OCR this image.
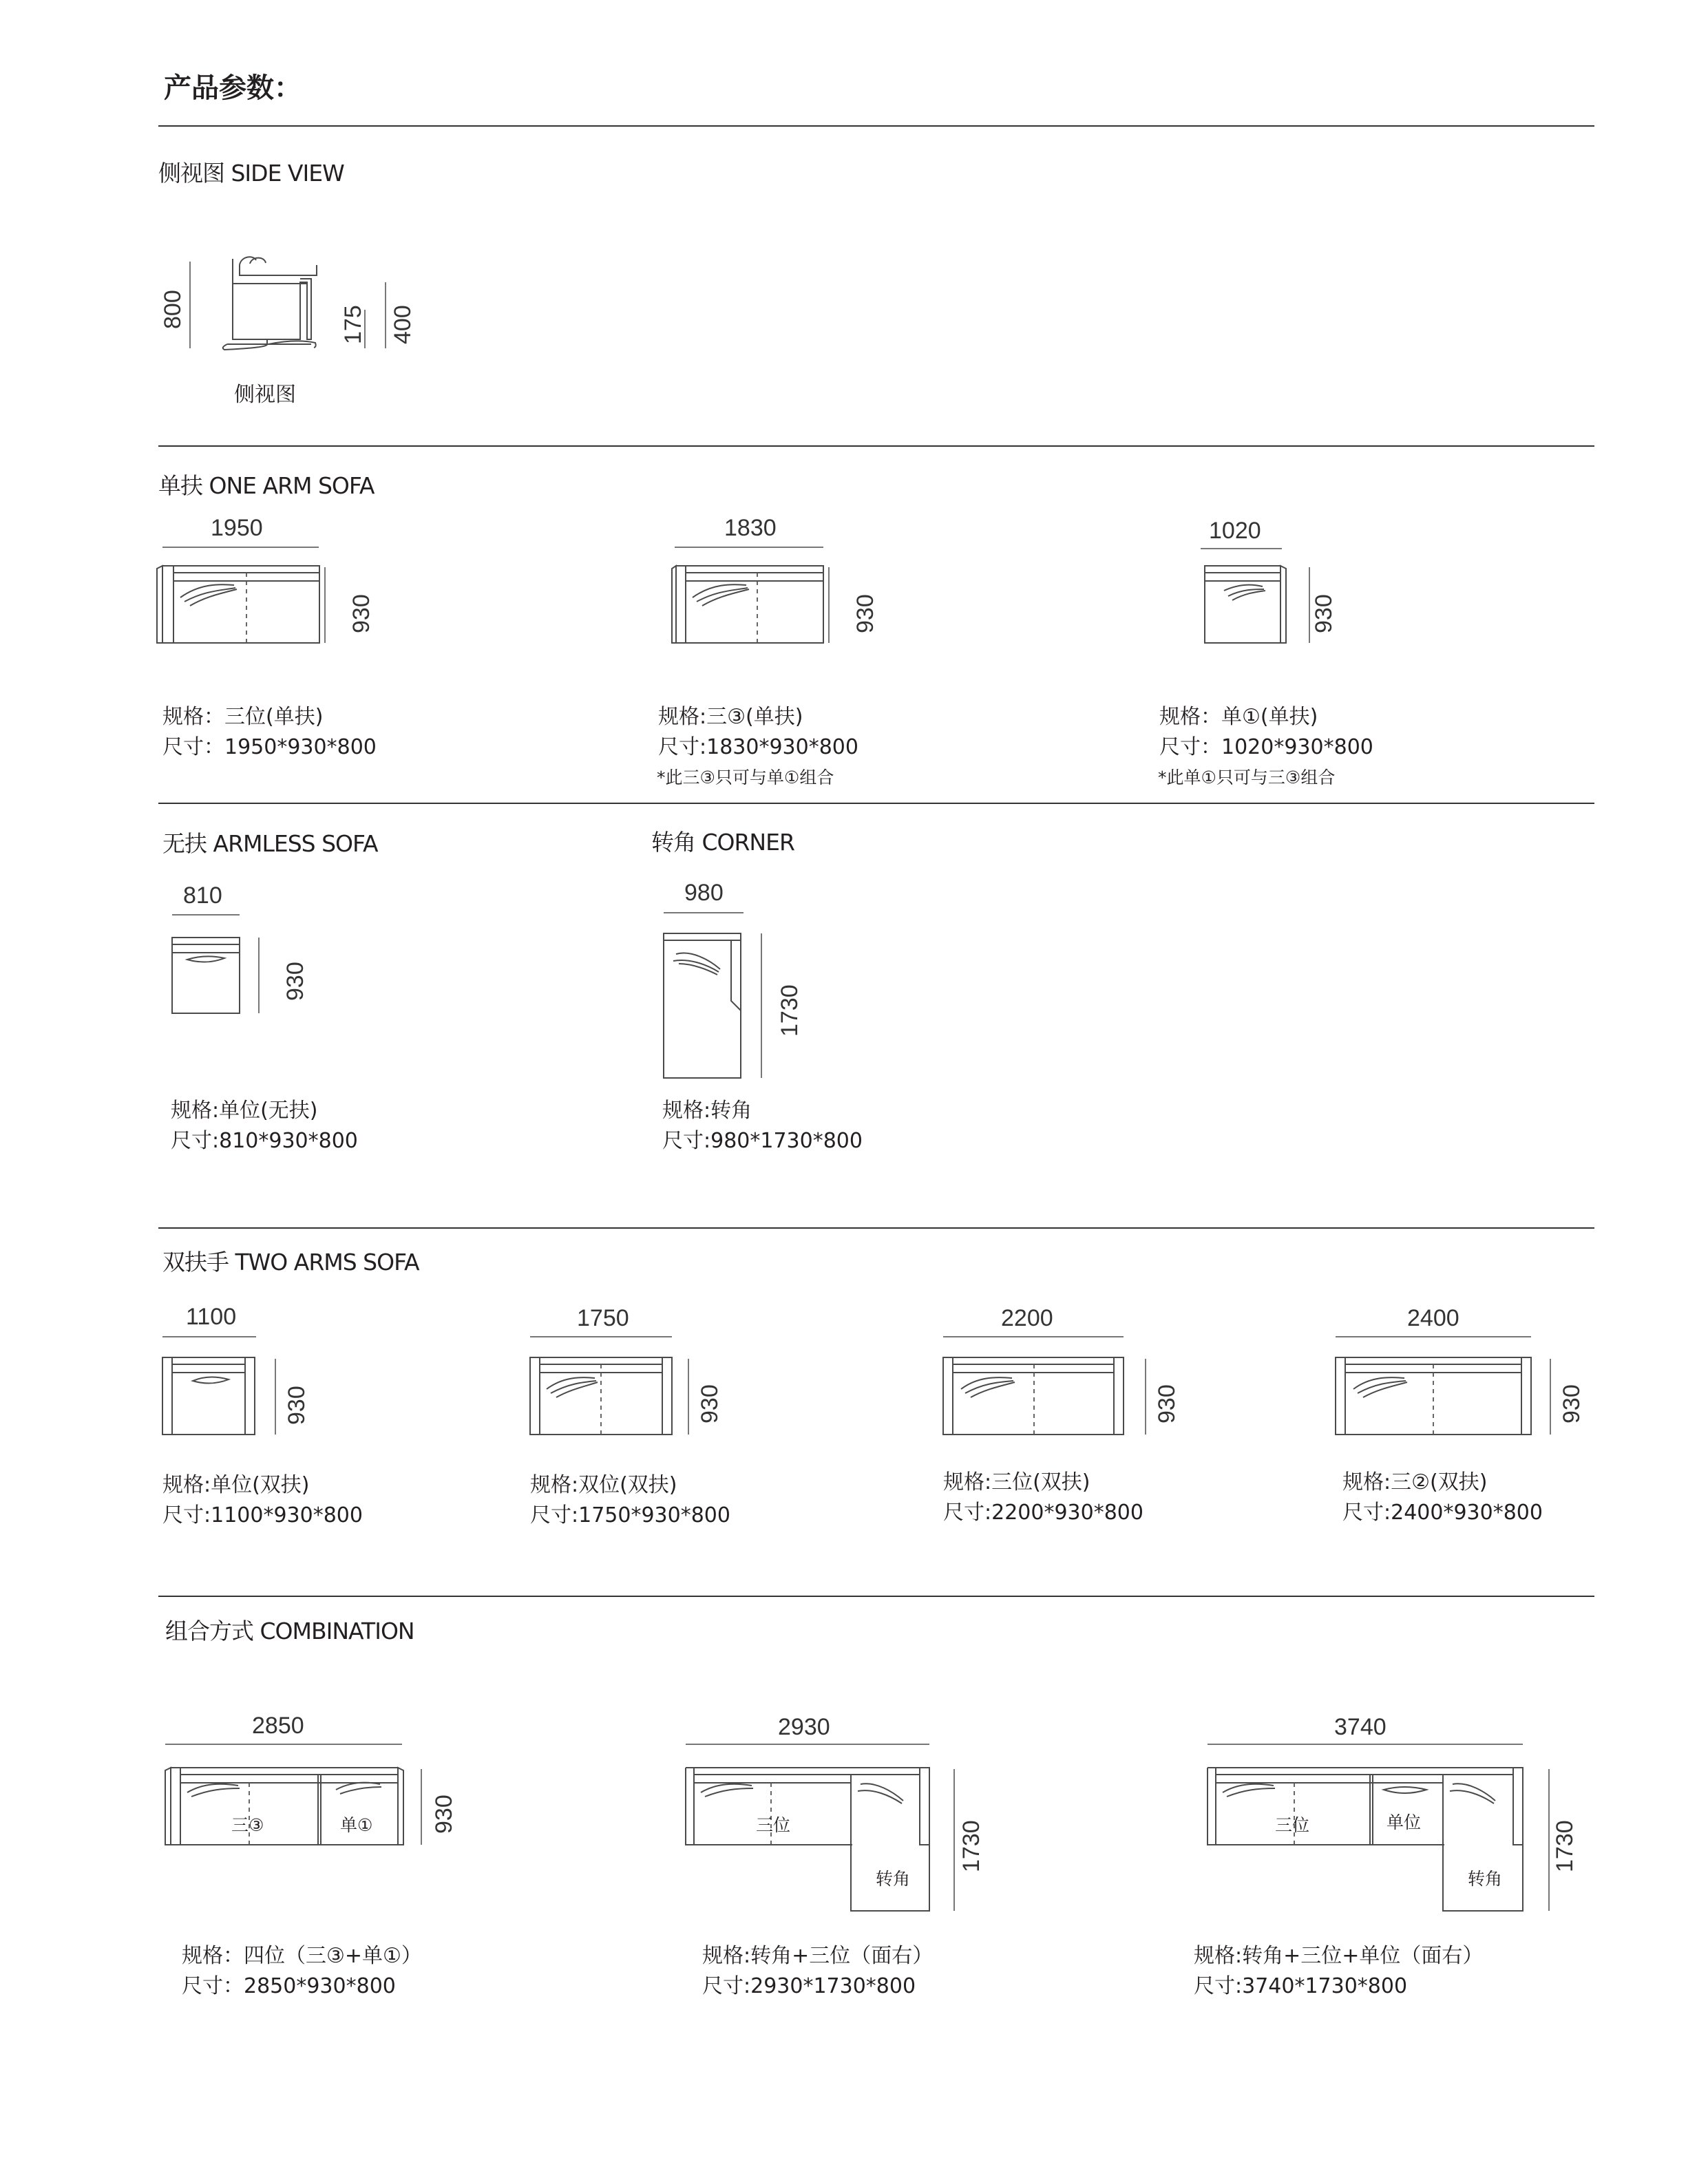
产品参数：
侧视图 SIDE VIEW
800	175 400
侧视图
单扶 ONE ARM SOFA
1950
930
1830
930
1020
930
规格：三位(单扶)
尺寸：1950*930*800
规格:三③(单扶)
尺寸:1830*930*800
*此三③只可与单①组合
规格：单①(单扶)
尺寸：1020*930*800
*此单①只可与三③组合
无扶 ARMLESS SOFA	转角 CORNER
810
930
980
1730
规格:单位(无扶)
尺寸:810*930*800
规格:转角
尺寸:980*1730*800
双扶手 TWO ARMS SOFA
1100
930
1750
930
2200
930
2400
930
规格:单位(双扶)
尺寸:1100*930*800
规格:双位(双扶)
尺寸:1750*930*800
规格:三位(双扶)
尺寸:2200*930*800
规格:三②(双扶)
尺寸:2400*930*800
组合方式 COMBINATION
三③	单①	三位
转角
三位	单位
转角
2850
930
2930
1730
3740
1730
规格：四位（三③+单①）
尺寸：2850*930*800
规格:转角+三位（面右）
尺寸:2930*1730*800
规格:转角+三位+单位（面右）
尺寸:3740*1730*800
